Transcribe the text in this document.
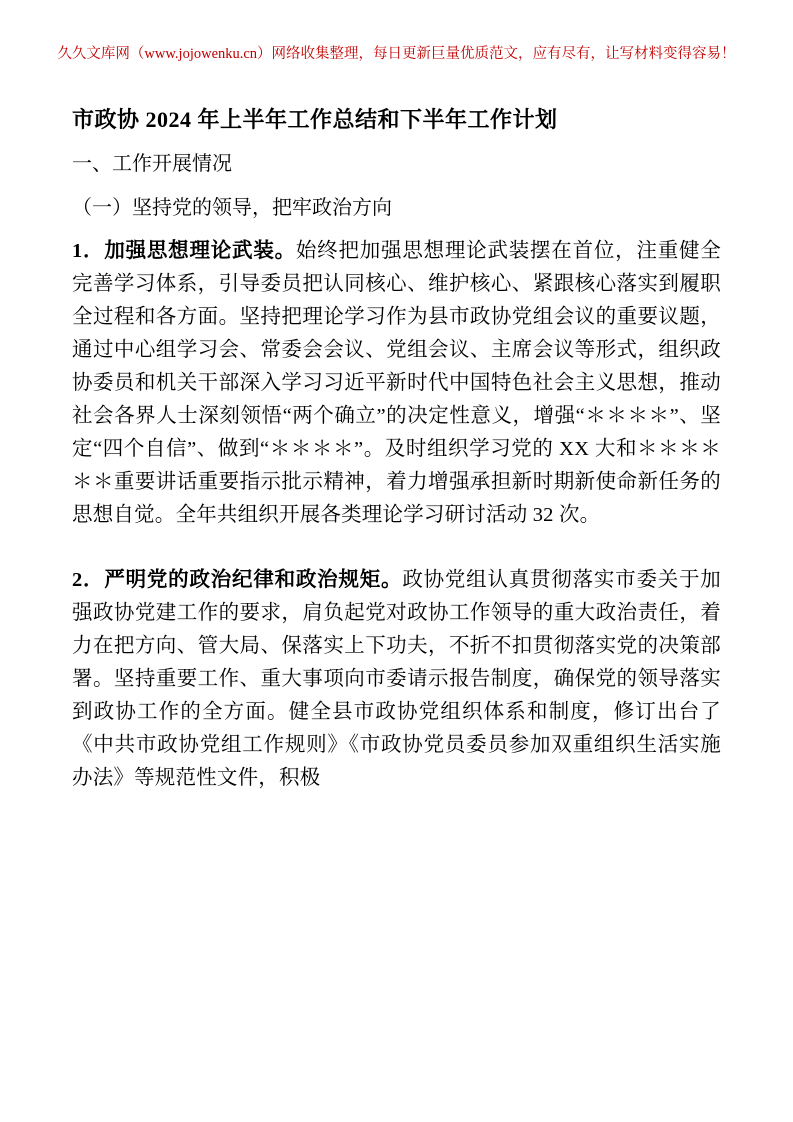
久久文库网（www.jojowenku.cn）网络收集整理，每日更新巨量优质范文，应有尽有，让写材料变得容易！
市政协 2024 年上半年工作总结和下半年工作计划

一、工作开展情况

（一）坚持党的领导，把牢政治方向

1．加强思想理论武装。始终把加强思想理论武装摆在首位，注重健全完善学习体系，引导委员把认同核心、维护核心、紧跟核心落实到履职全过程和各方面。坚持把理论学习作为县市政协党组会议的重要议题，通过中心组学习会、常委会会议、党组会议、主席会议等形式，组织政协委员和机关干部深入学习习近平新时代中国特色社会主义思想，推动社会各界人士深刻领悟“两个确立”的决定性意义，增强“＊＊＊＊”、坚定“四个自信”、做到“＊＊＊＊”。及时组织学习党的 XX 大和＊＊＊＊＊＊重要讲话重要指示批示精神，着力增强承担新时期新使命新任务的思想自觉。全年共组织开展各类理论学习研讨活动 32 次。

2．严明党的政治纪律和政治规矩。政协党组认真贯彻落实市委关于加强政协党建工作的要求，肩负起党对政协工作领导的重大政治责任，着力在把方向、管大局、保落实上下功夫，不折不扣贯彻落实党的决策部署。坚持重要工作、重大事项向市委请示报告制度，确保党的领导落实到政协工作的全方面。健全县市政协党组织体系和制度，修订出台了《中共市政协党组工作规则》《市政协党员委员参加双重组织生活实施办法》等规范性文件，积极
